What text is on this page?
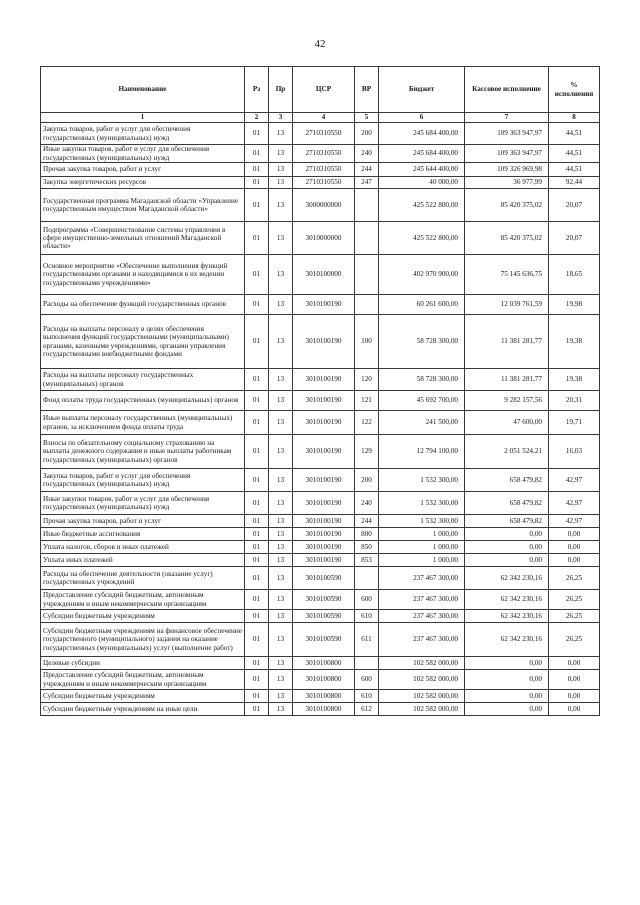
42
Наименование	Рз	Пр	ЦСР	ВР	Бюджет	Кассовое исполнение	% исполнения
1	2	3	4	5	6	7	8
Закупка товаров, работ и услуг для обеспечения государственных (муниципальных) нужд	01	13	2710310550	200	245 684 400,00	109 363 947,97	44,51
Иные закупки товаров, работ и услуг для обеспечения государственных (муниципальных) нужд	01	13	2710310550	240	245 684 400,00	109 363 947,97	44,51
Прочая закупка товаров, работ и услуг	01	13	2710310550	244	245 644 400,00	109 326 969,98	44,51
Закупка энергетических ресурсов	01	13	2710310550	247	40 000,00	36 977,99	92,44
Государственная программа Магаданской области «Управление государственным имуществом Магаданской области»	01	13	3000000000		425 522 800,00	85 420 375,02	20,07
Подпрограмма «Совершенствование системы управления в сфере имущественно-земельных отношений Магаданской области»	01	13	3010000000		425 522 800,00	85 420 375,02	20,07
Основное мероприятие «Обеспечение выполнения функций государственными органами и находящимися в их ведении государственными учреждениями»	01	13	3010100000		402 970 900,00	75 145 636,75	18,65
Расходы на обеспечение функций государственных органов	01	13	3010100190		60 261 600,00	12 039 761,59	19,98
Расходы на выплаты персоналу в целях обеспечения выполнения функций государственными (муниципальными) органами, казенными учреждениями, органами управления государственными внебюджетными фондами	01	13	3010100190	100	58 728 300,00	11 381 281,77	19,38
Расходы на выплаты персоналу государственных (муниципальных) органов	01	13	3010100190	120	58 728 300,00	11 381 281,77	19,38
Фонд оплаты труда государственных (муниципальных) органов	01	13	3010100190	121	45 692 700,00	9 282 157,56	20,31
Иные выплаты персоналу государственных (муниципальных) органов, за исключением фонда оплаты труда	01	13	3010100190	122	241 500,00	47 600,00	19,71
Взносы по обязательному социальному страхованию на выплаты денежного содержания и иные выплаты работникам государственных (муниципальных) органов	01	13	3010100190	129	12 794 100,00	2 051 524,21	16,03
Закупка товаров, работ и услуг для обеспечения государственных (муниципальных) нужд	01	13	3010100190	200	1 532 300,00	658 479,82	42,97
Иные закупки товаров, работ и услуг для обеспечения государственных (муниципальных) нужд	01	13	3010100190	240	1 532 300,00	658 479,82	42,97
Прочая закупка товаров, работ и услуг	01	13	3010100190	244	1 532 300,00	658 479,82	42,97
Иные бюджетные ассигнования	01	13	3010100190	800	1 000,00	0,00	0,00
Уплата налогов, сборов и иных платежей	01	13	3010100190	850	1 000,00	0,00	0,00
Уплата иных платежей	01	13	3010100190	853	1 000,00	0,00	0,00
Расходы на обеспечение деятельности (оказание услуг) государственных учреждений	01	13	3010100590		237 467 300,00	62 342 230,16	26,25
Предоставление субсидий бюджетным, автономным учреждениям и иным некоммерческим организациям	01	13	3010100590	600	237 467 300,00	62 342 230,16	26,25
Субсидии бюджетным учреждениям	01	13	3010100590	610	237 467 300,00	62 342 230,16	26,25
Субсидии бюджетным учреждениям на финансовое обеспечение государственного (муниципального) задания на оказание государственных (муниципальных) услуг (выполнение работ)	01	13	3010100590	611	237 467 300,00	62 342 230,16	26,25
Целевые субсидии	01	13	3010100800		102 582 000,00	0,00	0,00
Предоставление субсидий бюджетным, автономным учреждениям и иным некоммерческим организациям	01	13	3010100800	600	102 582 000,00	0,00	0,00
Субсидии бюджетным учреждениям	01	13	3010100800	610	102 582 000,00	0,00	0,00
Субсидии бюджетным учреждениям на иные цели	01	13	3010100800	612	102 582 000,00	0,00	0,00
